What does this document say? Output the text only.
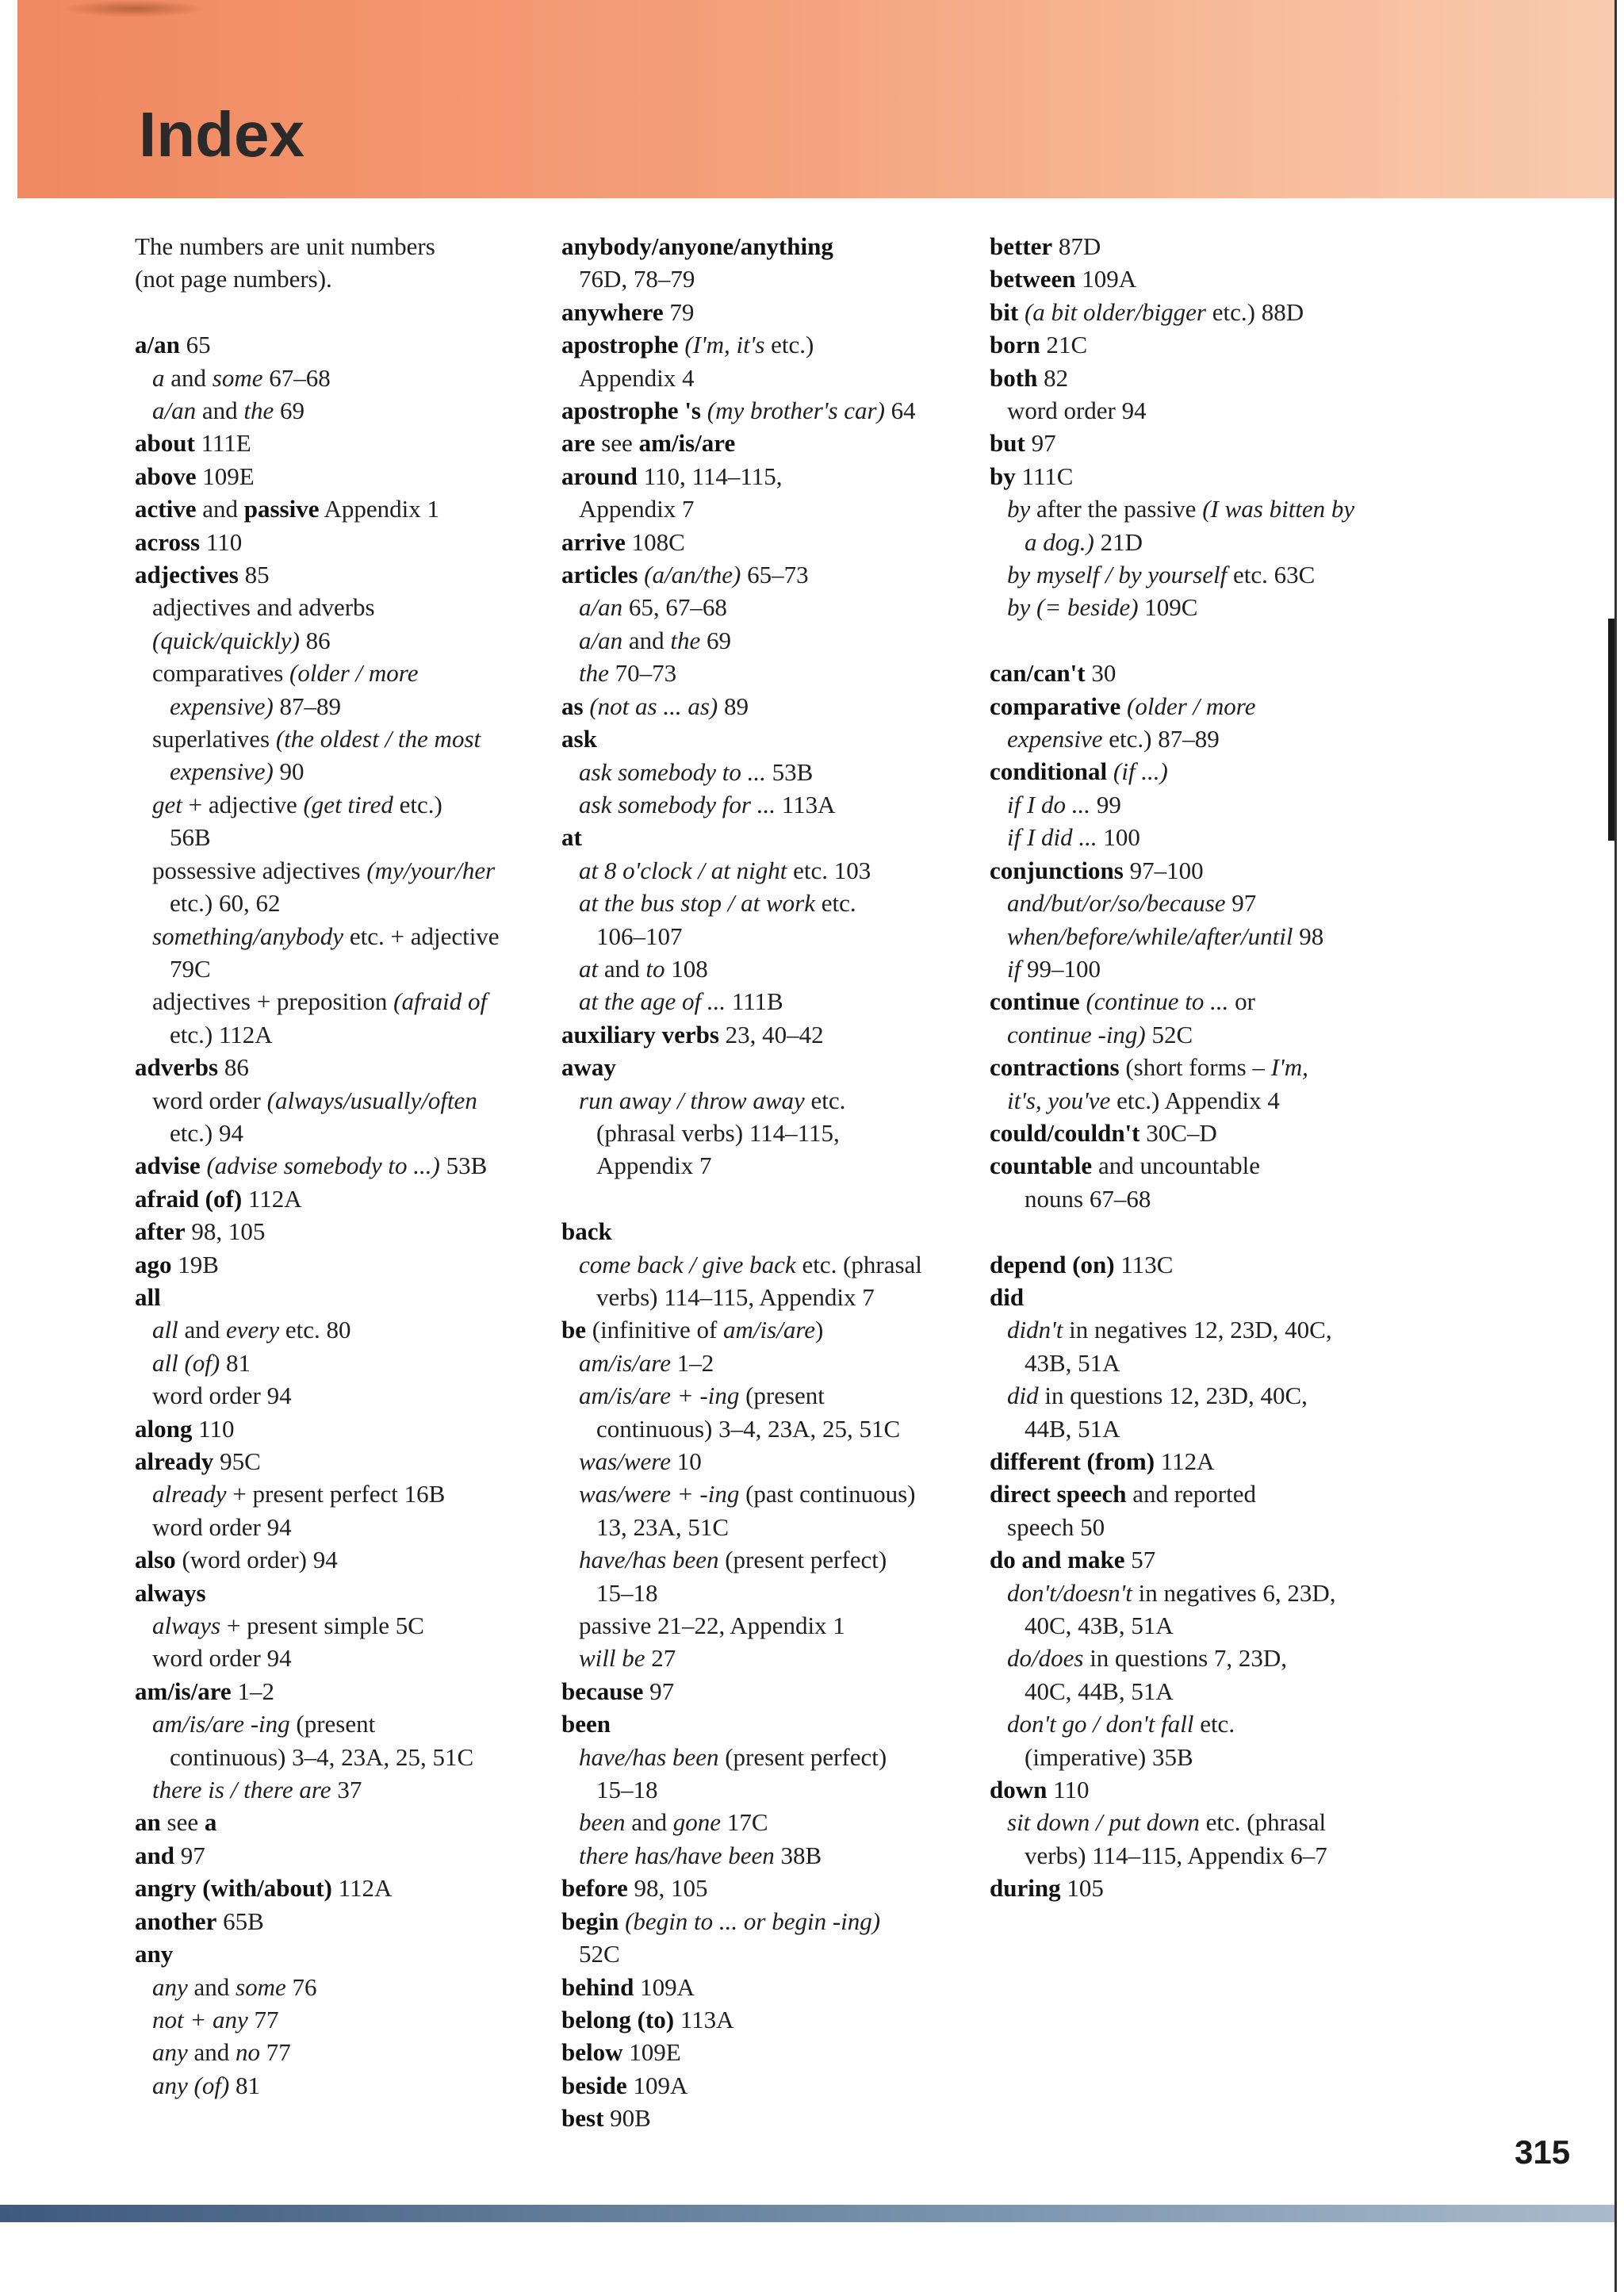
Index
The numbers are unit numbers
(not page numbers).
a/an 65
a and some 67–68
a/an and the 69
about 111E
above 109E
active and passive Appendix 1
across 110
adjectives 85
adjectives and adverbs
(quick/quickly) 86
comparatives (older / more
expensive) 87–89
superlatives (the oldest / the most
expensive) 90
get + adjective (get tired etc.)
56B
possessive adjectives (my/your/her
etc.) 60, 62
something/anybody etc. + adjective
79C
adjectives + preposition (afraid of
etc.) 112A
adverbs 86
word order (always/usually/often
etc.) 94
advise (advise somebody to ...) 53B
afraid (of) 112A
after 98, 105
ago 19B
all
all and every etc. 80
all (of) 81
word order 94
along 110
already 95C
already + present perfect 16B
word order 94
also (word order) 94
always
always + present simple 5C
word order 94
am/is/are 1–2
am/is/are -ing (present
continuous) 3–4, 23A, 25, 51C
there is / there are 37
an see a
and 97
angry (with/about) 112A
another 65B
any
any and some 76
not + any 77
any and no 77
any (of) 81
anybody/anyone/anything
76D, 78–79
anywhere 79
apostrophe (I'm, it's etc.)
Appendix 4
apostrophe 's (my brother's car) 64
are see am/is/are
around 110, 114–115,
Appendix 7
arrive 108C
articles (a/an/the) 65–73
a/an 65, 67–68
a/an and the 69
the 70–73
as (not as ... as) 89
ask
ask somebody to ... 53B
ask somebody for ... 113A
at
at 8 o'clock / at night etc. 103
at the bus stop / at work etc.
106–107
at and to 108
at the age of ... 111B
auxiliary verbs 23, 40–42
away
run away / throw away etc.
(phrasal verbs) 114–115,
Appendix 7
back
come back / give back etc. (phrasal
verbs) 114–115, Appendix 7
be (infinitive of am/is/are)
am/is/are 1–2
am/is/are + -ing (present
continuous) 3–4, 23A, 25, 51C
was/were 10
was/were + -ing (past continuous)
13, 23A, 51C
have/has been (present perfect)
15–18
passive 21–22, Appendix 1
will be 27
because 97
been
have/has been (present perfect)
15–18
been and gone 17C
there has/have been 38B
before 98, 105
begin (begin to ... or begin -ing)
52C
behind 109A
belong (to) 113A
below 109E
beside 109A
best 90B
better 87D
between 109A
bit (a bit older/bigger etc.) 88D
born 21C
both 82
word order 94
but 97
by 111C
by after the passive (I was bitten by
a dog.) 21D
by myself / by yourself etc. 63C
by (= beside) 109C
can/can't 30
comparative (older / more
expensive etc.) 87–89
conditional (if ...)
if I do ... 99
if I did ... 100
conjunctions 97–100
and/but/or/so/because 97
when/before/while/after/until 98
if 99–100
continue (continue to ... or
continue -ing) 52C
contractions (short forms – I'm,
it's, you've etc.) Appendix 4
could/couldn't 30C–D
countable and uncountable
nouns 67–68
depend (on) 113C
did
didn't in negatives 12, 23D, 40C,
43B, 51A
did in questions 12, 23D, 40C,
44B, 51A
different (from) 112A
direct speech and reported
speech 50
do and make 57
don't/doesn't in negatives 6, 23D,
40C, 43B, 51A
do/does in questions 7, 23D,
40C, 44B, 51A
don't go / don't fall etc.
(imperative) 35B
down 110
sit down / put down etc. (phrasal
verbs) 114–115, Appendix 6–7
during 105
315
